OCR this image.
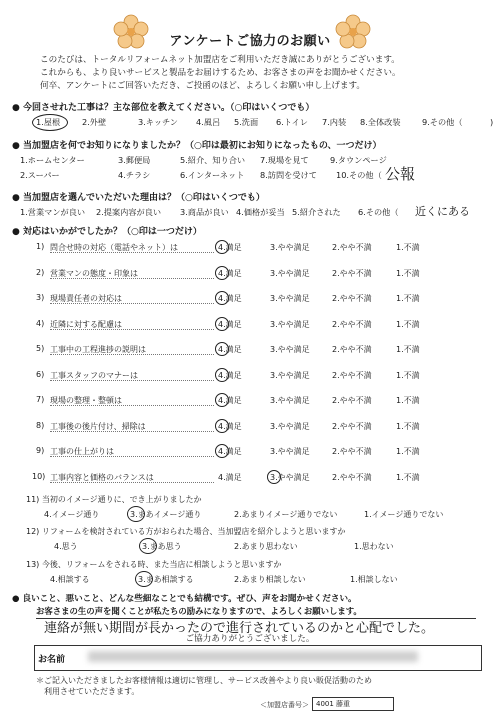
アンケートご協力のお願い
このたびは、トータルリフォームネット加盟店をご利用いただき誠にありがとうございます。
これからも、より良いサービスと製品をお届けするため、お客さまの声をお聞かせください。
何卒、アンケートにご回答いただき、ご投函のほど、よろしくお願い申し上げます。
● 今回させれた工事は？主な部位を教えてください。（○印はいくつでも）
1.屋根	2.外壁	3.キッチン 4.風呂 5.洗面 6.トイレ 7.内装 8.全体改装	9.その他（	)
● 当加盟店を何でお知りになりましたか？（○印は最初にお知りになったもの、一つだけ）
1.ホームセンター	3.郵便局	5.紹介、知り合い 7.現場を見て	9.タウンページ
2.スーパー	4.チラシ	6.インターネット 8.訪問を受けて 10.その他（ 公報
● 当加盟店を選んでいただいた理由は？（○印はいくつでも）
1.営業マンが良い 2.提案内容が良い 3.商品が良い 4.価格が妥当 5.紹介された 6.その他（ 近くにある
● 対応はいかがでしたか？（○印は一つだけ）
1) 問合せ時の対応（電話やネット）は	4.満足	3.やや満足	2.やや不満	1.不満
2) 営業マンの態度・印象は	4.満足	3.やや満足	2.やや不満	1.不満
3) 現場責任者の対応は	4.満足	3.やや満足	2.やや不満	1.不満
4) 近隣に対する配慮は	4.満足	3.やや満足	2.やや不満	1.不満
5) 工事中の工程進捗の説明は	4.満足	3.やや満足	2.やや不満	1.不満
6) 工事スタッフのマナーは	4.満足	3.やや満足	2.やや不満	1.不満
7) 現場の整理・整頓は	4.満足	3.やや満足	2.やや不満	1.不満
8) 工事後の後片付け、掃除は	4.満足	3.やや満足	2.やや不満	1.不満
9) 工事の仕上がりは	4.満足	3.やや満足	2.やや不満	1.不満
10) 工事内容と価格のバランスは	4.満足	3.やや満足	2.やや不満	1.不満
11) 当初のイメージ通りに、でき上がりましたか
4.イメージ通り	3.まあイメージ通り	2.あまりイメージ通りでない	1.イメージ通りでない
12) リフォームを検討されている方がおられた場合、当加盟店を紹介しようと思いますか
4.思う	3.まあ思う	2.あまり思わない	1.思わない
13) 今後、リフォームをされる時、また当店に相談しようと思いますか
4.相談する	3.まあ相談する	2.あまり相談しない	1.相談しない
● 良いこと、悪いこと、どんな些細なことでも結構です。ぜひ、声をお聞かせください。
お客さまの生の声を聞くことが私たちの励みになりますので、よろしくお願いします。
連絡が無い期間が長かったので進行されているのかと心配でした。
ご協力ありがとうございました。
お名前
＊ご記入いただきましたお客様情報は適切に管理し、サービス改善やより良い販促活動のため
　利用させていただきます。
＜加盟店番号＞ 4001 藤重
